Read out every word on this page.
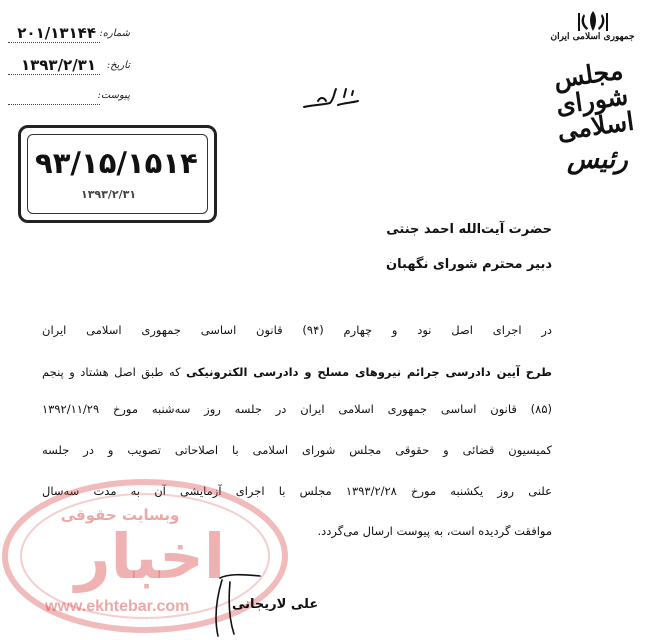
شماره:
۲۰۱/۱۳۱۴۴
تاریخ:
۱۳۹۳/۲/۳۱
پیوست:
جمهوری اسلامی ایران
مجلس شورای اسلامی
رئیس
۹۳/۱۵/۱۵۱۴
۱۳۹۳/۲/۳۱
حضرت آیت‌الله احمد جنتی
دبیر محترم شورای نگهبان
در اجرای اصل نود و چهارم (۹۴) قانون اساسی جمهوری اسلامی ایران
طرح آیین دادرسی جرائم نیروهای مسلح و دادرسی الکترونیکی که طبق اصل هشتاد و پنجم
(۸۵) قانون اساسی جمهوری اسلامی ایران در جلسه روز سه‌شنبه مورخ ۱۳۹۲/۱۱/۲۹
کمیسیون قضائی و حقوقی مجلس شورای اسلامی با اصلاحاتی تصویب و در جلسه
علنی روز یکشنبه مورخ ۱۳۹۳/۲/۲۸ مجلس با اجرای آزمایشی آن به مدت سه‌سال
موافقت گردیده است، به پیوست ارسال می‌گردد.
وبسایت حقوقی
اخبار
www.ekhtebar.com	علی لاریجانی
